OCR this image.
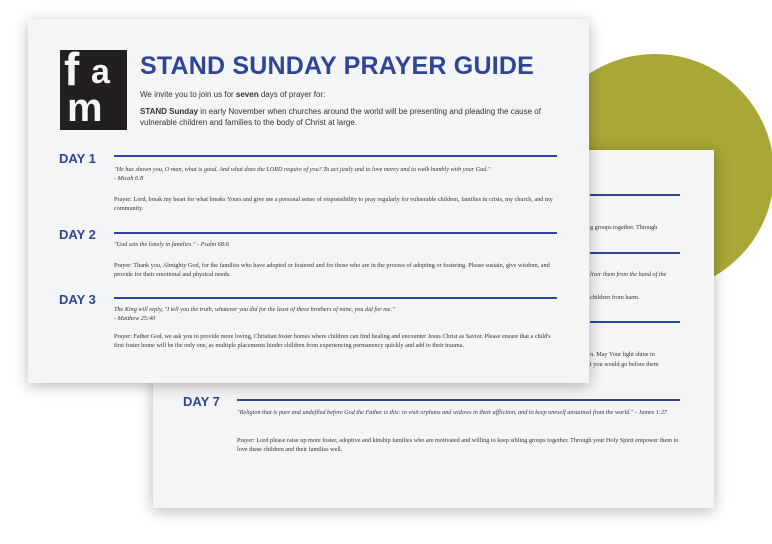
g groups together. Through
liver them from the hand of the
children from harm.
n. May Your light shine in
t you would go before them
DAY 7
"Religion that is pure and undefiled before God the Father is this: to visit orphans and widows in their affliction, and to keep oneself unstained from the world." - James 1:27
Prayer: Lord please raise up more foster, adoptive and kinship families who are motivated and willing to keep sibling groups together. Through your Holy Spirit empower them to love these children and their families well.
f a
m
STAND SUNDAY PRAYER GUIDE

We invite you to join us for seven days of prayer for:

STAND Sunday in early November when churches around the world will be presenting and pleading the cause of vulnerable children and families to the body of Christ at large.

DAY 1
"He has shown you, O man, what is good. And what does the LORD require of you? To act justly and to love mercy and to walk humbly with your God."
- Micah 6:8
Prayer: Lord, break my heart for what breaks Yours and give me a personal sense of responsibility to pray regularly for vulnerable children, families in crisis, my church, and my community.
DAY 2
"God sets the lonely in families." - Psalm 68:6
Prayer: Thank you, Almighty God, for the families who have adopted or fostered and for those who are in the process of adopting or fostering. Please sustain, give wisdom, and provide for their emotional and physical needs.
DAY 3
The King will reply, "I tell you the truth, whatever you did for the least of these brothers of mine, you did for me."
- Matthew 25:40
Prayer: Father God, we ask you to provide more loving, Christian foster homes where children can find healing and encounter Jesus Christ as Savior. Please ensure that a child's first foster home will be the only one, as multiple placements hinder children from experiencing permanency quickly and add to their trauma.
